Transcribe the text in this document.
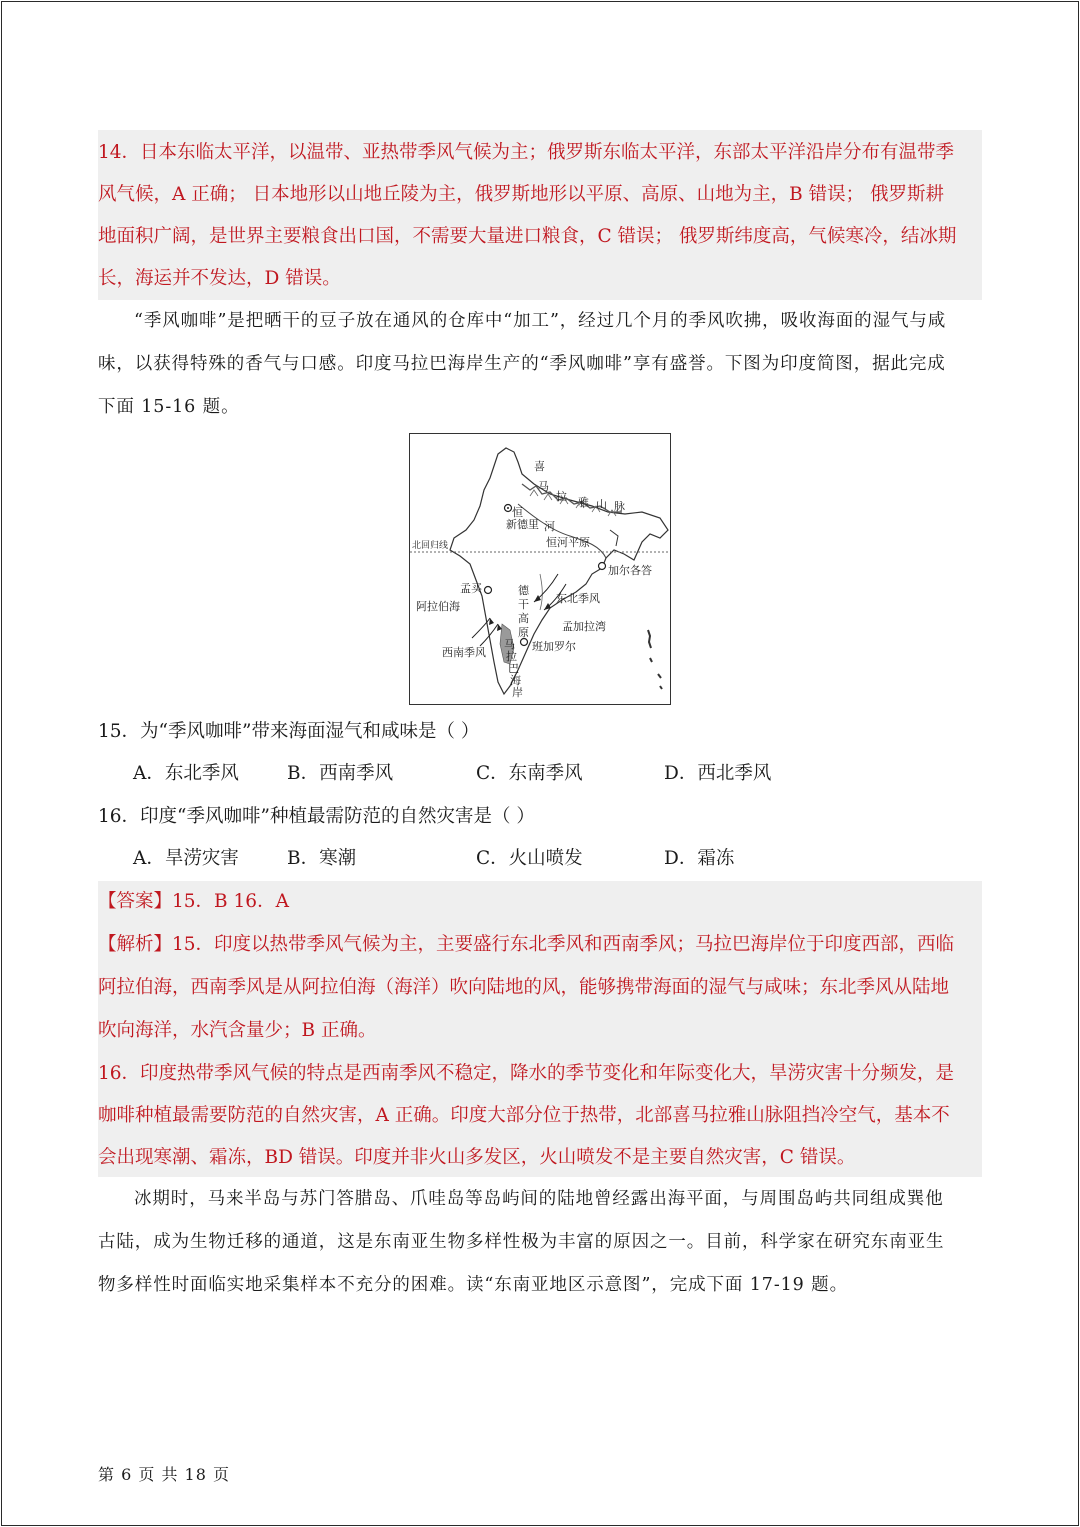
14．日本东临太平洋，以温带、亚热带季风气候为主；俄罗斯东临太平洋，东部太平洋沿岸分布有温带季
风气候，A 正确； 日本地形以山地丘陵为主，俄罗斯地形以平原、高原、山地为主，B 错误； 俄罗斯耕
地面积广阔，是世界主要粮食出口国，不需要大量进口粮食，C 错误； 俄罗斯纬度高，气候寒冷，结冰期
长，海运并不发达，D 错误。
“季风咖啡”是把晒干的豆子放在通风的仓库中“加工”，经过几个月的季风吹拂，吸收海面的湿气与咸
味，以获得特殊的香气与口感。印度马拉巴海岸生产的“季风咖啡”享有盛誉。下图为印度简图，据此完成
下面 15-16 题。
喜
马
拉 雅 山 脉
恒
河
新德里
恒河平原
加尔各答
孟买
阿拉伯海
德
干
高
原
东北季风
孟加拉湾
西南季风	班加罗尔
马
拉
巴
海
岸
北回归线
15．为“季风咖啡”带来海面湿气和咸味是（ ）
A．东北季风	B．西南季风	C．东南季风	D．西北季风
16．印度“季风咖啡”种植最需防范的自然灾害是（ ）
A．旱涝灾害	B．寒潮	C．火山喷发	D．霜冻
【答案】15．B 16．A
【解析】15．印度以热带季风气候为主，主要盛行东北季风和西南季风；马拉巴海岸位于印度西部，西临
阿拉伯海，西南季风是从阿拉伯海（海洋）吹向陆地的风，能够携带海面的湿气与咸味；东北季风从陆地
吹向海洋，水汽含量少；B 正确。
16．印度热带季风气候的特点是西南季风不稳定，降水的季节变化和年际变化大，旱涝灾害十分频发，是
咖啡种植最需要防范的自然灾害，A 正确。印度大部分位于热带，北部喜马拉雅山脉阻挡冷空气，基本不
会出现寒潮、霜冻，BD 错误。印度并非火山多发区，火山喷发不是主要自然灾害，C 错误。
冰期时，马来半岛与苏门答腊岛、爪哇岛等岛屿间的陆地曾经露出海平面，与周围岛屿共同组成巽他
古陆，成为生物迁移的通道，这是东南亚生物多样性极为丰富的原因之一。目前，科学家在研究东南亚生
物多样性时面临实地采集样本不充分的困难。读“东南亚地区示意图”，完成下面 17-19 题。
第 6 页 共 18 页
